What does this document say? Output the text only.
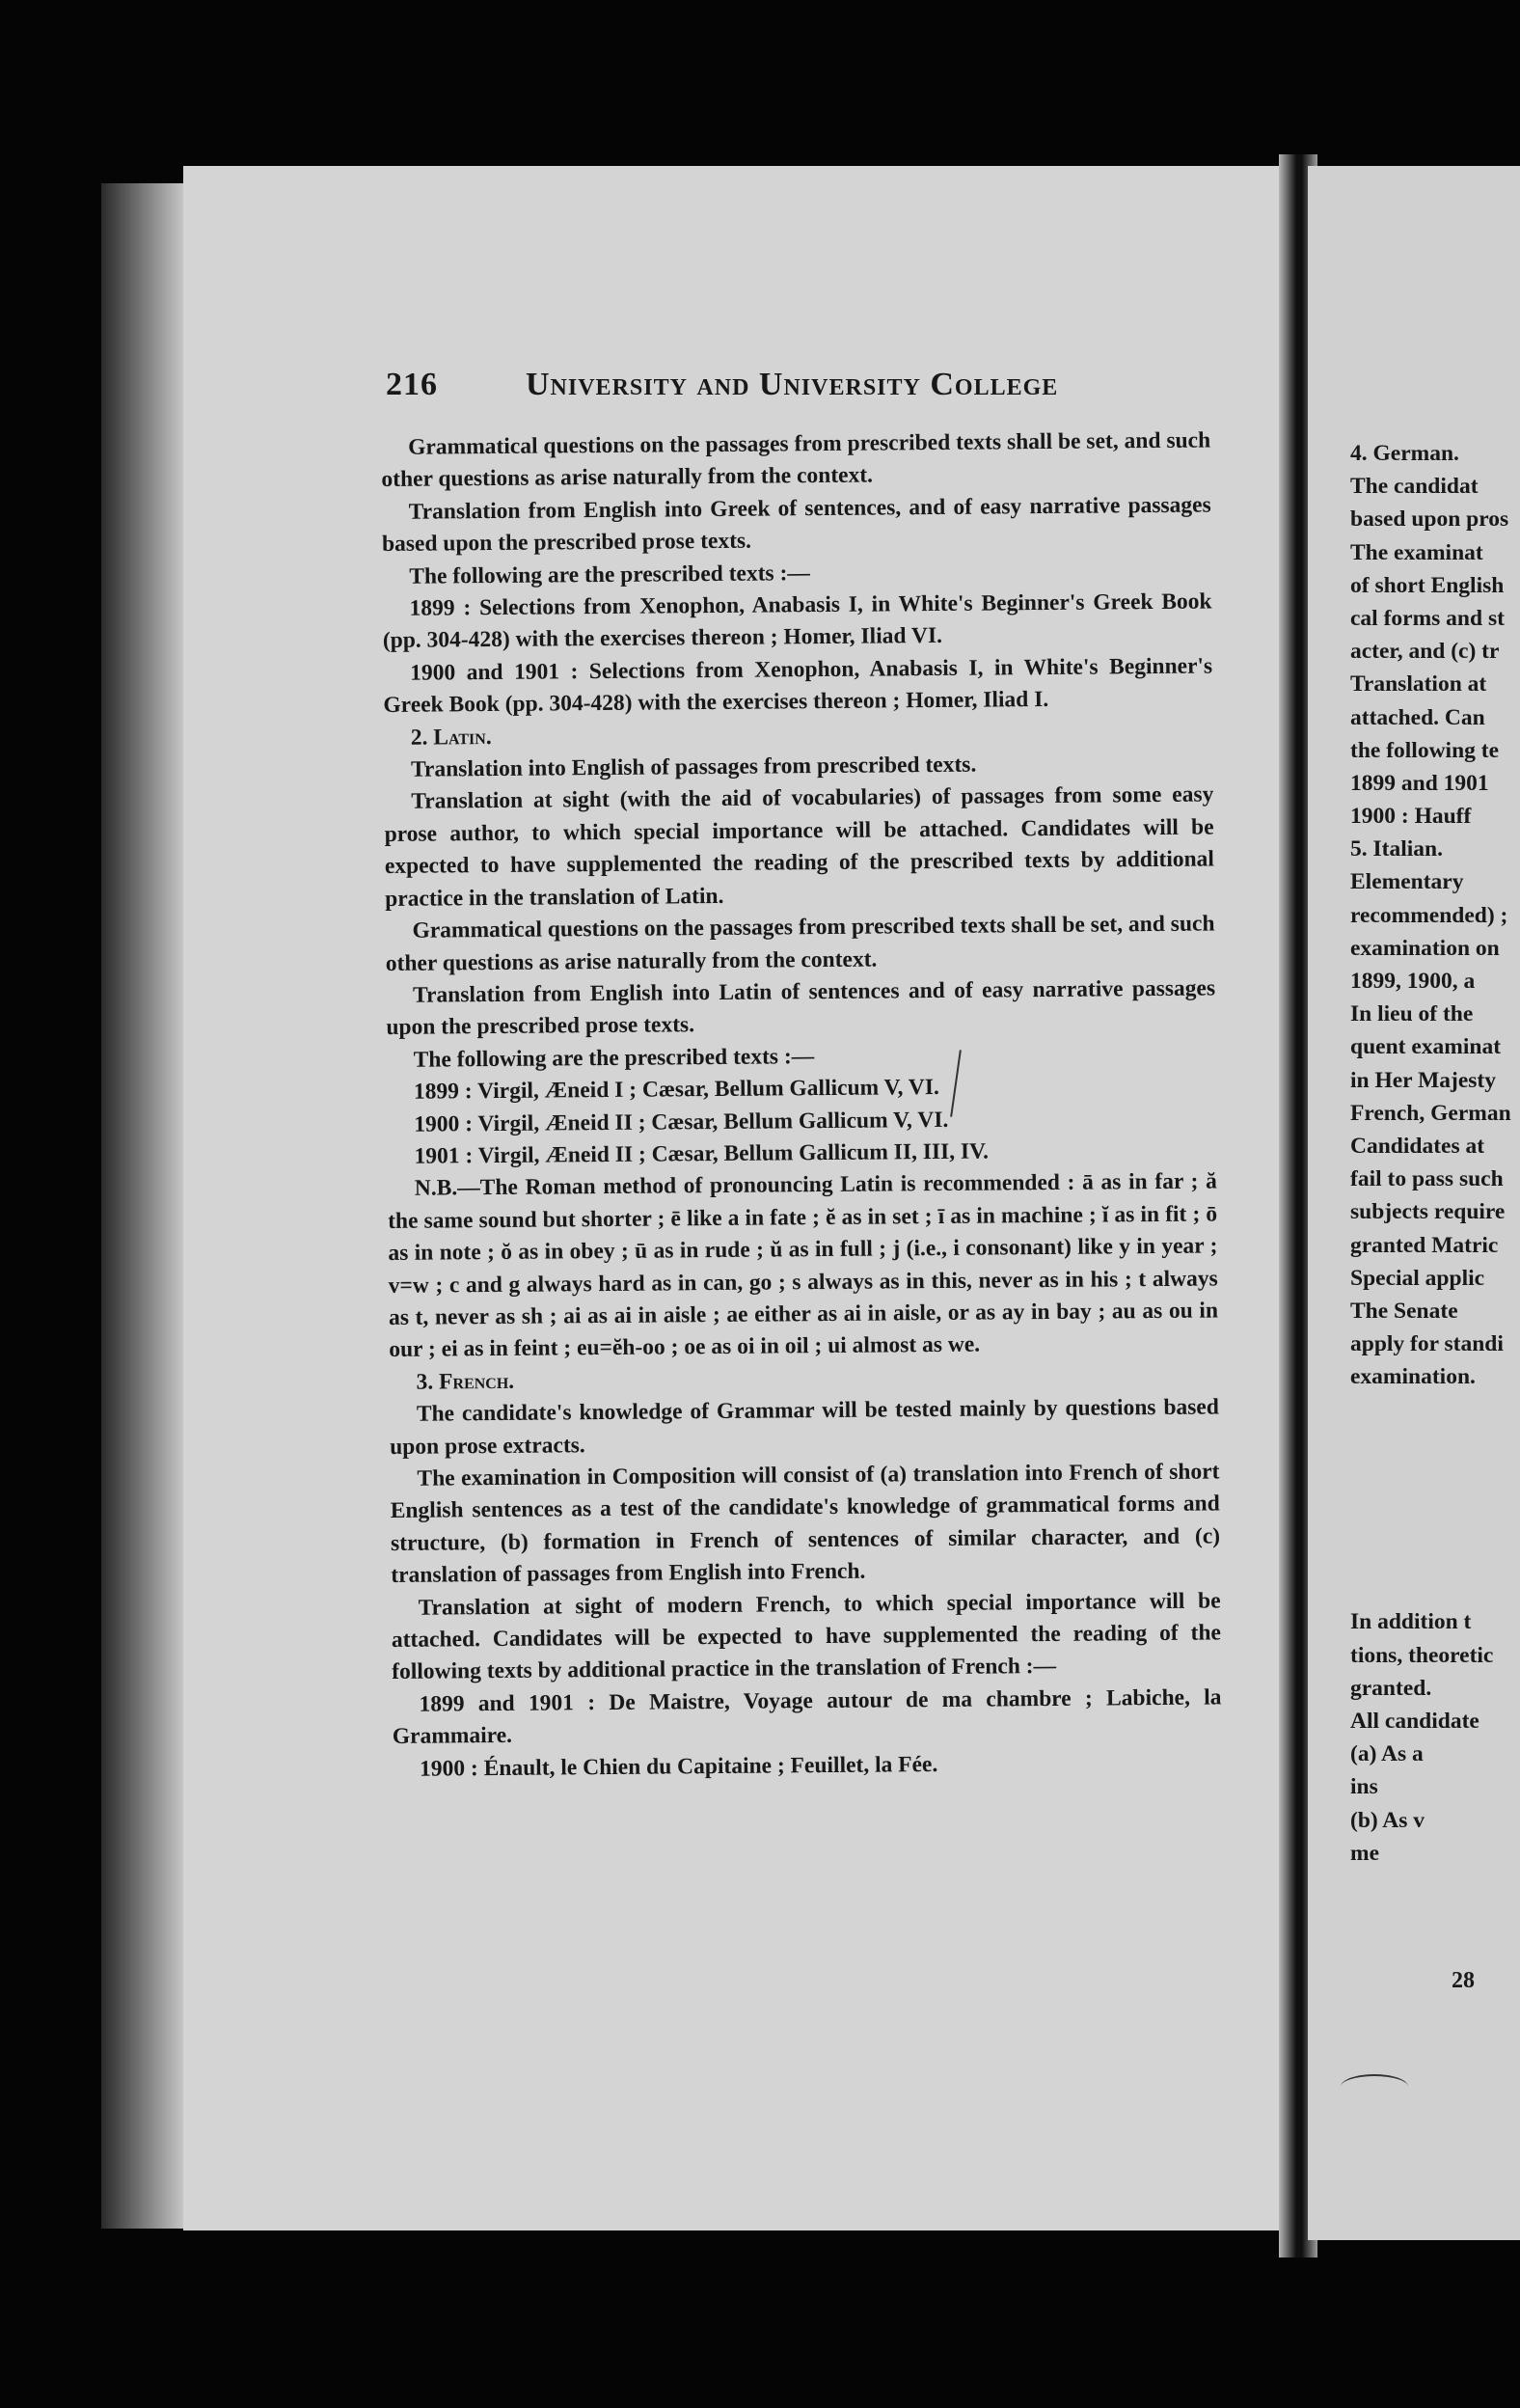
216	University and University College

Grammatical questions on the passages from prescribed texts shall be set, and such other questions as arise naturally from the context.

Translation from English into Greek of sentences, and of easy narrative passages based upon the prescribed prose texts.

The following are the prescribed texts :—

1899 : Selections from Xenophon, Anabasis I, in White's Beginner's Greek Book (pp. 304-428) with the exercises thereon ; Homer, Iliad VI.

1900 and 1901 : Selections from Xenophon, Anabasis I, in White's Beginner's Greek Book (pp. 304-428) with the exercises thereon ; Homer, Iliad I.

2. Latin.

Translation into English of passages from prescribed texts.

Translation at sight (with the aid of vocabularies) of passages from some easy prose author, to which special importance will be attached. Candidates will be expected to have supplemented the reading of the prescribed texts by additional practice in the translation of Latin.

Grammatical questions on the passages from prescribed texts shall be set, and such other questions as arise naturally from the context.

Translation from English into Latin of sentences and of easy narrative passages upon the prescribed prose texts.

The following are the prescribed texts :—

1899 : Virgil, Æneid I ; Cæsar, Bellum Gallicum V, VI.

1900 : Virgil, Æneid II ; Cæsar, Bellum Gallicum V, VI.

1901 : Virgil, Æneid II ; Cæsar, Bellum Gallicum II, III, IV.

N.B.—The Roman method of pronouncing Latin is recommended : ā as in far ; ă the same sound but shorter ; ē like a in fate ; ĕ as in set ; ī as in machine ; ĭ as in fit ; ō as in note ; ŏ as in obey ; ū as in rude ; ŭ as in full ; j (i.e., i consonant) like y in year ; v=w ; c and g always hard as in can, go ; s always as in this, never as in his ; t always as t, never as sh ; ai as ai in aisle ; ae either as ai in aisle, or as ay in bay ; au as ou in our ; ei as in feint ; eu=ĕh-oo ; oe as oi in oil ; ui almost as we.

3. French.

The candidate's knowledge of Grammar will be tested mainly by questions based upon prose extracts.

The examination in Composition will consist of (a) translation into French of short English sentences as a test of the candidate's knowledge of grammatical forms and structure, (b) formation in French of sentences of similar character, and (c) translation of passages from English into French.

Translation at sight of modern French, to which special importance will be attached. Candidates will be expected to have supplemented the reading of the following texts by additional practice in the translation of French :—

1899 and 1901 : De Maistre, Voyage autour de ma chambre ; Labiche, la Grammaire.

1900 : Énault, le Chien du Capitaine ; Feuillet, la Fée.

4. German.
The candidat
based upon pros
The examinat
of short English
cal forms and st
acter, and (c) tr
Translation at
attached. Can
the following te
1899 and 1901
1900 : Hauff
5. Italian.
Elementary
recommended) ;
examination on
1899, 1900, a
In lieu of the
quent examinat
in Her Majesty
French, German
Candidates at
fail to pass such
subjects require
granted Matric
Special applic
The Senate
apply for standi
examination.
In addition t
tions, theoretic
granted.
All candidate
(a) As a
ins
(b) As v
me
28
